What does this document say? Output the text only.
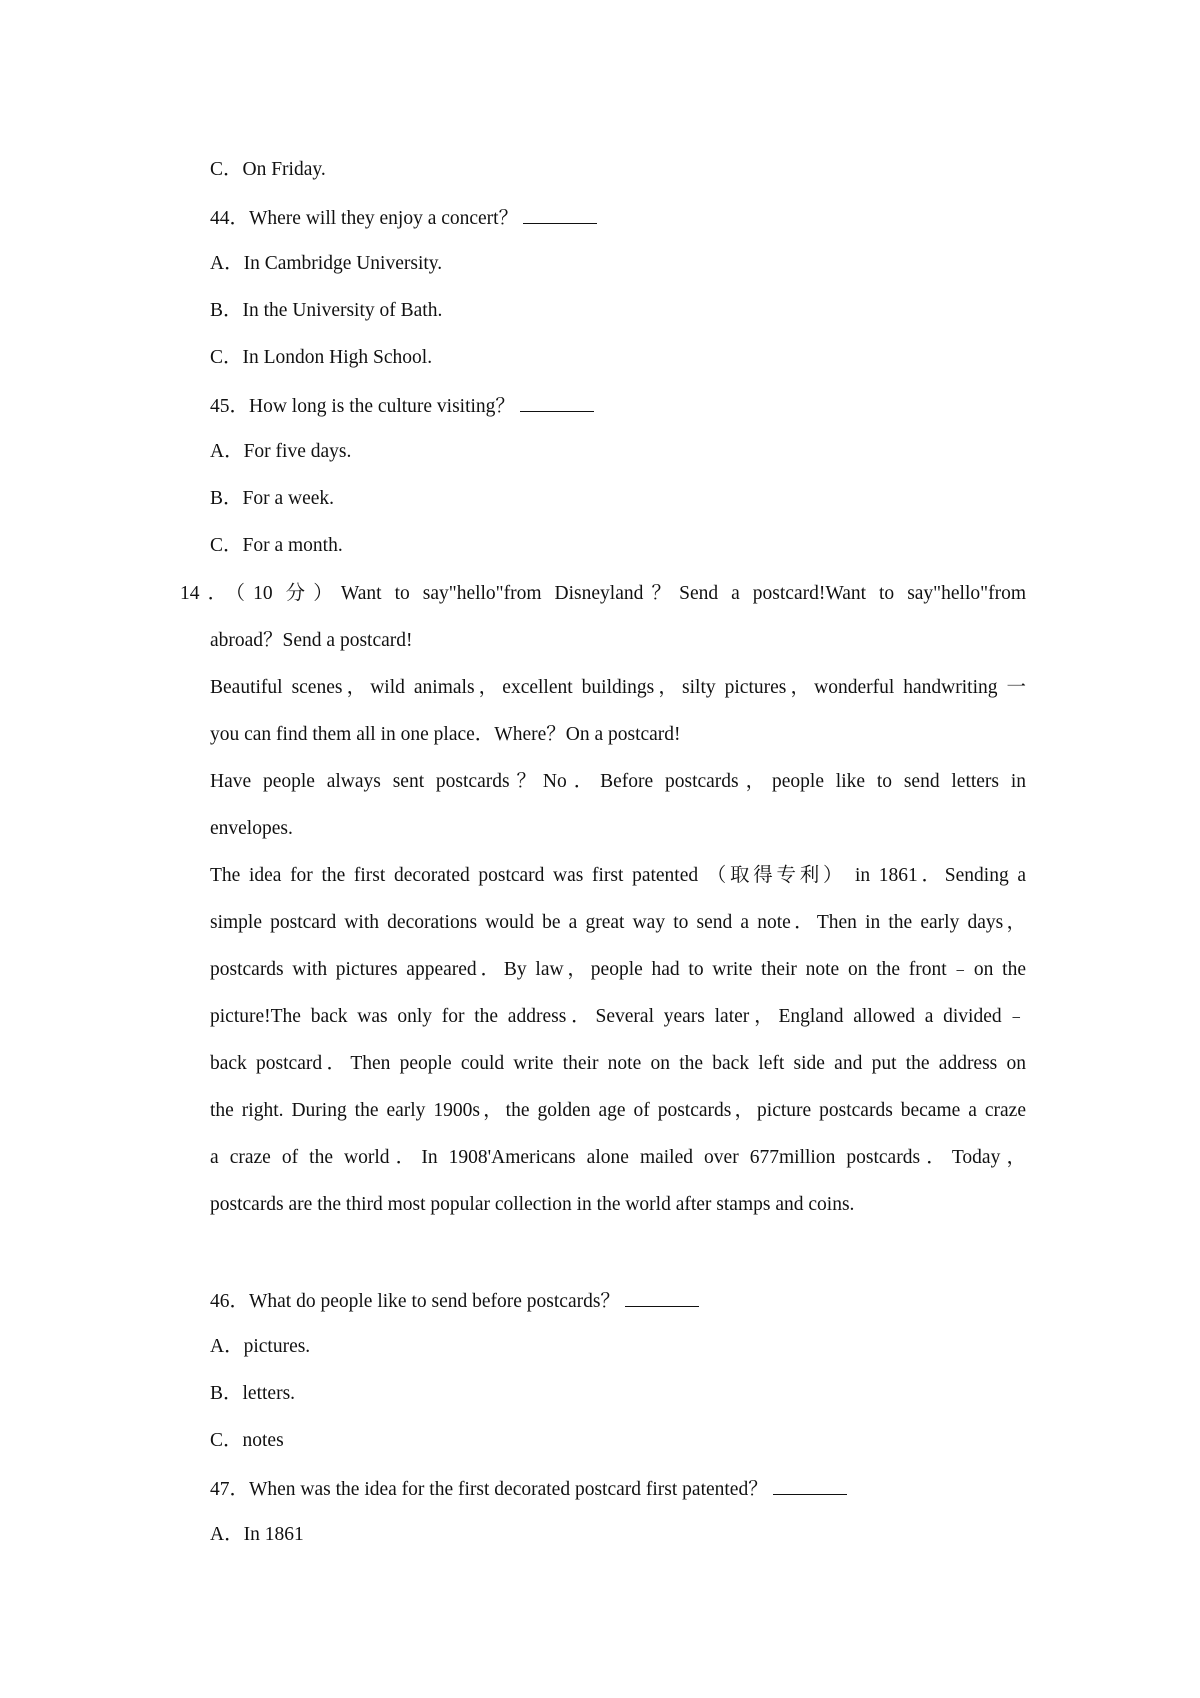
C．On Friday.
44．Where will they enjoy a concert？
A．In Cambridge University.
B．In the University of Bath.
C．In London High School.
45．How long is the culture visiting？
A．For five days.
B．For a week.
C．For a month.
14．（10 分）Want to say"hello"from Disneyland？Send a postcard!Want to say"hello"from
abroad？Send a postcard!
Beautiful scenes，wild animals，excellent buildings，silty pictures，wonderful handwriting 一
you can find them all in one place．Where？On a postcard!
Have people always sent postcards？No．Before postcards，people like to send letters in
envelopes.
The idea for the first decorated postcard was first patented （取得专利） in 1861．Sending a
simple postcard with decorations would be a great way to send a note．Then in the early days，
postcards with pictures appeared．By law，people had to write their note on the front﹣on the
picture!The back was only for the address．Several years later，England allowed a divided﹣
back postcard．Then people could write their note on the back left side and put the address on
the right. During the early 1900s，the golden age of postcards，picture postcards became a craze
a craze of the world．In 1908'Americans alone mailed over 677million postcards．Today，
postcards are the third most popular collection in the world after stamps and coins.
46．What do people like to send before postcards？
A．pictures.
B．letters.
C．notes
47．When was the idea for the first decorated postcard first patented？
A．In 1861
